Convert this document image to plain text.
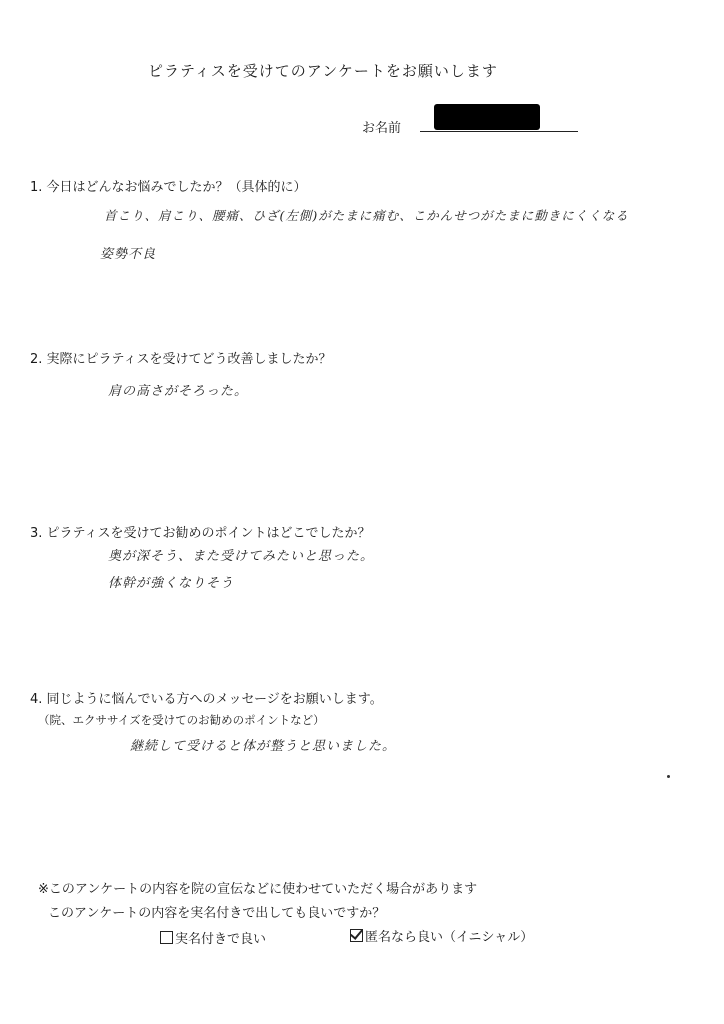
ピラティスを受けてのアンケートをお願いします
お名前
1. 今日はどんなお悩みでしたか？（具体的に）
首こり、肩こり、腰痛、ひざ(左側)がたまに痛む、こかんせつがたまに動きにくくなる
姿勢不良
2. 実際にピラティスを受けてどう改善しましたか？
肩の高さがそろった。
3. ピラティスを受けてお勧めのポイントはどこでしたか？
奥が深そう、また受けてみたいと思った。
体幹が強くなりそう
4. 同じように悩んでいる方へのメッセージをお願いします。
（院、エクササイズを受けてのお勧めのポイントなど）
継続して受けると体が整うと思いました。
※このアンケートの内容を院の宣伝などに使わせていただく場合があります
このアンケートの内容を実名付きで出しても良いですか？
実名付きで良い	匿名なら良い（イニシャル）
